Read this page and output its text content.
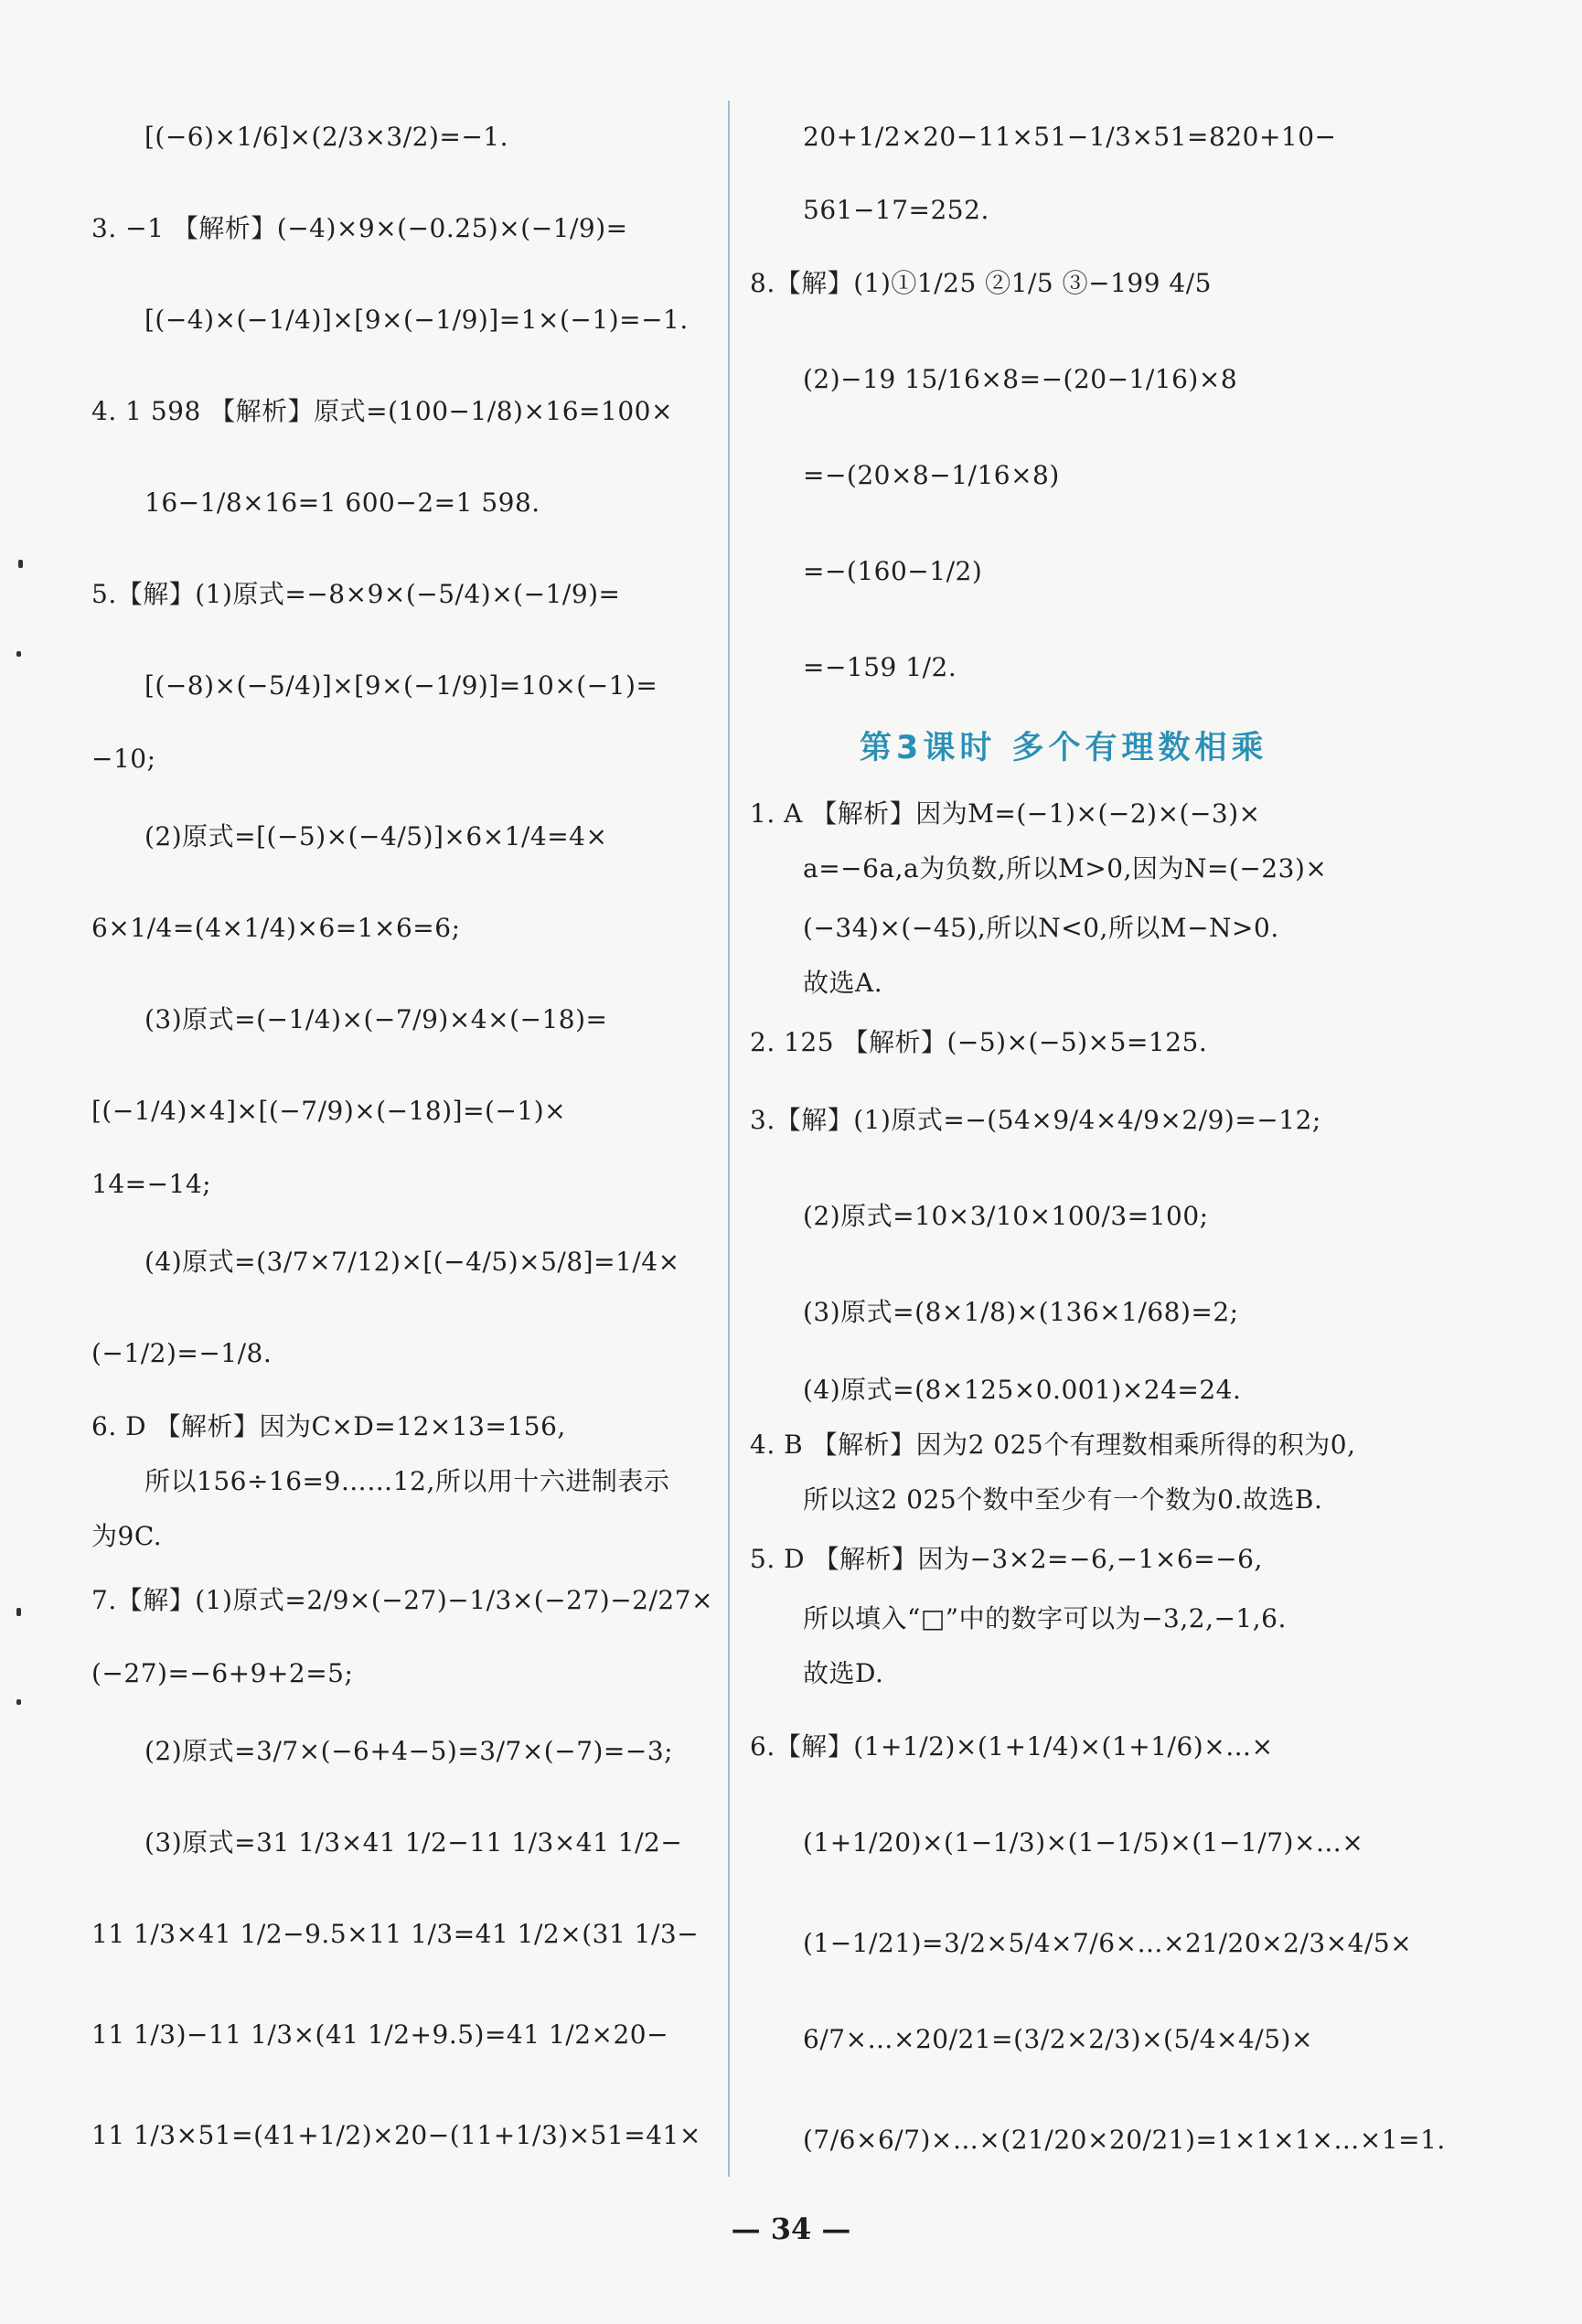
[(−6)×1/6]×(2/3×3/2)=−1.
3. −1 【解析】(−4)×9×(−0.25)×(−1/9)=
[(−4)×(−1/4)]×[9×(−1/9)]=1×(−1)=−1.
4. 1 598 【解析】原式=(100−1/8)×16=100×
16−1/8×16=1 600−2=1 598.
5.【解】(1)原式=−8×9×(−5/4)×(−1/9)=
[(−8)×(−5/4)]×[9×(−1/9)]=10×(−1)=
−10;
(2)原式=[(−5)×(−4/5)]×6×1/4=4×
6×1/4=(4×1/4)×6=1×6=6;
(3)原式=(−1/4)×(−7/9)×4×(−18)=
[(−1/4)×4]×[(−7/9)×(−18)]=(−1)×
14=−14;
(4)原式=(3/7×7/12)×[(−4/5)×5/8]=1/4×
(−1/2)=−1/8.
6. D 【解析】因为C×D=12×13=156,
所以156÷16=9……12,所以用十六进制表示
为9C.
7.【解】(1)原式=2/9×(−27)−1/3×(−27)−2/27×
(−27)=−6+9+2=5;
(2)原式=3/7×(−6+4−5)=3/7×(−7)=−3;
(3)原式=31 1/3×41 1/2−11 1/3×41 1/2−
11 1/3×41 1/2−9.5×11 1/3=41 1/2×(31 1/3−
11 1/3)−11 1/3×(41 1/2+9.5)=41 1/2×20−
11 1/3×51=(41+1/2)×20−(11+1/3)×51=41×
第3课时 多个有理数相乘
20+1/2×20−11×51−1/3×51=820+10−
561−17=252.
8.【解】(1)①1/25 ②1/5 ③−199 4/5
(2)−19 15/16×8=−(20−1/16)×8
=−(20×8−1/16×8)
=−(160−1/2)
=−159 1/2.
1. A 【解析】因为M=(−1)×(−2)×(−3)×
a=−6a,a为负数,所以M>0,因为N=(−23)×
(−34)×(−45),所以N<0,所以M−N>0.
故选A.
2. 125 【解析】(−5)×(−5)×5=125.
3.【解】(1)原式=−(54×9/4×4/9×2/9)=−12;
(2)原式=10×3/10×100/3=100;
(3)原式=(8×1/8)×(136×1/68)=2;
(4)原式=(8×125×0.001)×24=24.
4. B 【解析】因为2 025个有理数相乘所得的积为0,
所以这2 025个数中至少有一个数为0.故选B.
5. D 【解析】因为−3×2=−6,−1×6=−6,
所以填入“□”中的数字可以为−3,2,−1,6.
故选D.
6.【解】(1+1/2)×(1+1/4)×(1+1/6)×…×
(1+1/20)×(1−1/3)×(1−1/5)×(1−1/7)×…×
(1−1/21)=3/2×5/4×7/6×…×21/20×2/3×4/5×
6/7×…×20/21=(3/2×2/3)×(5/4×4/5)×
(7/6×6/7)×…×(21/20×20/21)=1×1×1×…×1=1.
— 34 —
